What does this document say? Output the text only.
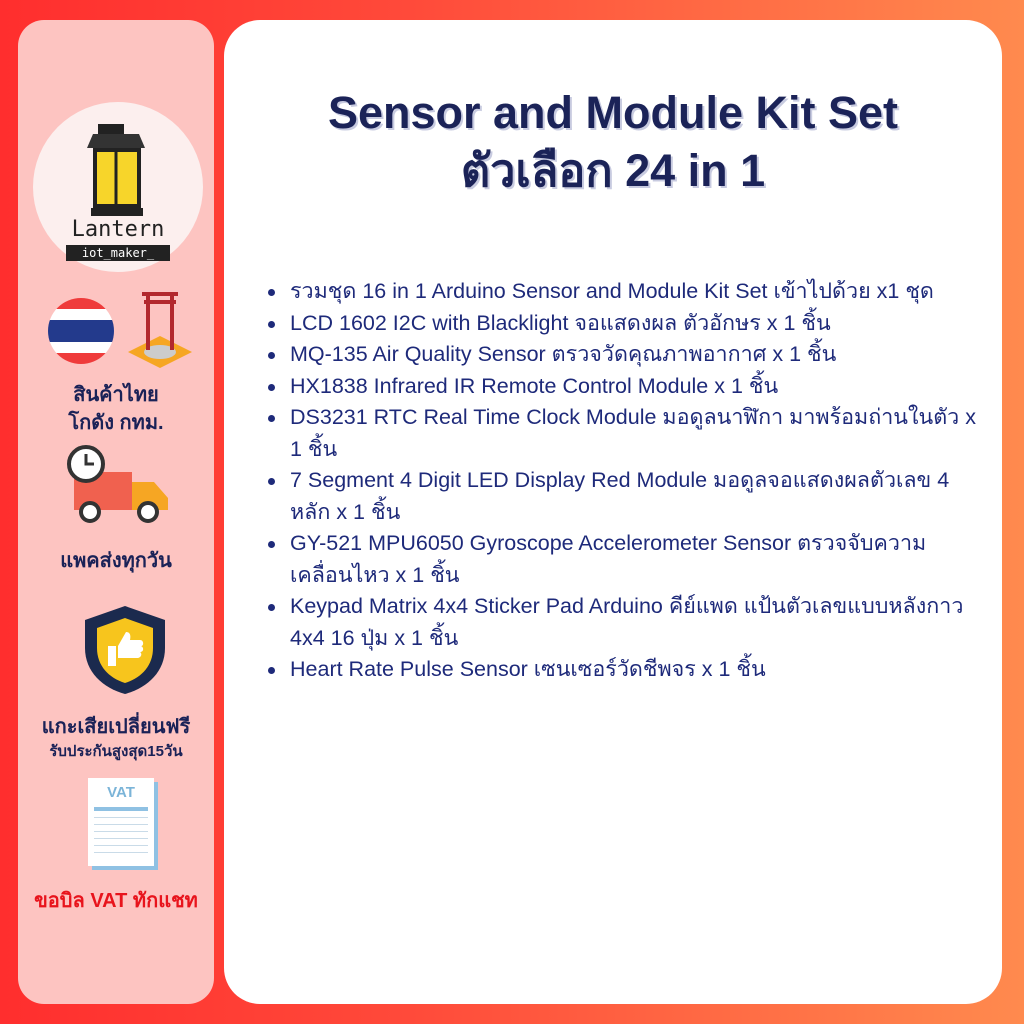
Lantern
iot_maker_
สินค้าไทย
โกดัง กทม.
แพคส่งทุกวัน
แกะเสียเปลี่ยนฟรี
รับประกันสูงสุด15วัน
VAT
ขอบิล VAT ทักแชท
Sensor and Module Kit Set
ตัวเลือก 24 in 1
รวมชุด 16 in 1 Arduino Sensor and Module Kit Set เข้าไปด้วย x1 ชุด
LCD 1602 I2C with Blacklight จอแสดงผล ตัวอักษร x 1 ชิ้น
MQ-135 Air Quality Sensor ตรวจวัดคุณภาพอากาศ x 1 ชิ้น
HX1838 Infrared IR Remote Control Module x 1 ชิ้น
DS3231 RTC Real Time Clock Module มอดูลนาฬิกา มาพร้อมถ่านในตัว x 1 ชิ้น
7 Segment 4 Digit LED Display Red Module มอดูลจอแสดงผลตัวเลข 4 หลัก x 1 ชิ้น
GY-521 MPU6050 Gyroscope Accelerometer Sensor ตรวจจับความเคลื่อนไหว x 1 ชิ้น
Keypad Matrix 4x4 Sticker Pad Arduino คีย์แพด แป้นตัวเลขแบบหลังกาว 4x4 16 ปุ่ม x 1 ชิ้น
Heart Rate Pulse Sensor เซนเซอร์วัดชีพจร x 1 ชิ้น
